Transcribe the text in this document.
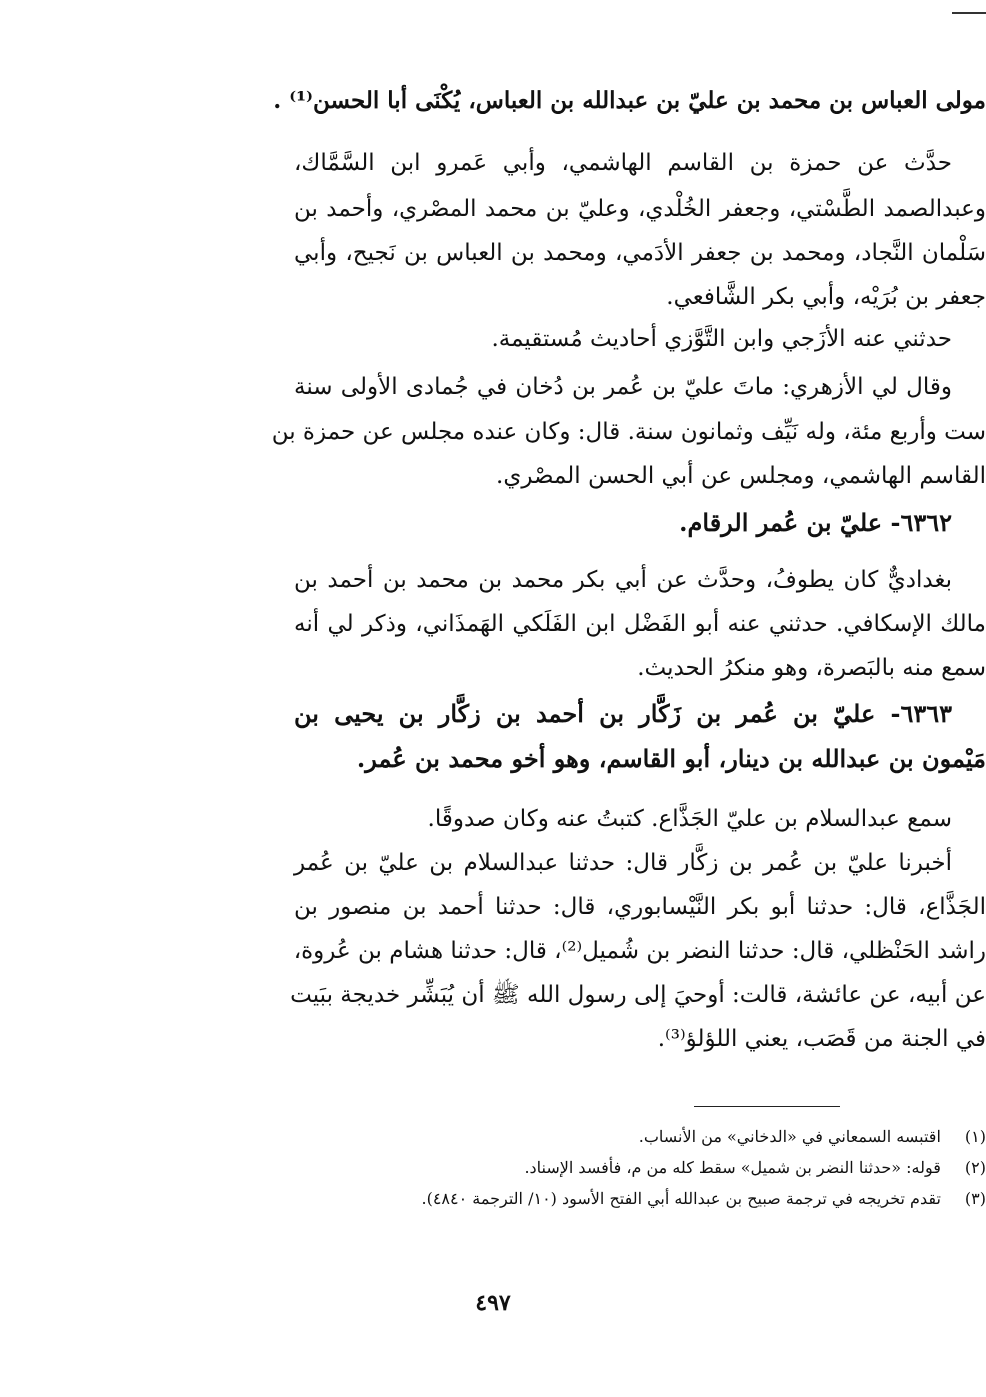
مولى العباس بن محمد بن عليّ بن عبدالله بن العباس، يُكْنَى أبا الحسن⁽¹⁾ .
حدَّث عن حمزة بن القاسم الهاشمي، وأبي عَمرو ابن السَّمَّاك،
وعبدالصمد الطَّسْتي، وجعفر الخُلْدي، وعليّ بن محمد المصْري، وأحمد بن
سَلْمان النَّجاد، ومحمد بن جعفر الأدَمي، ومحمد بن العباس بن نَجيح، وأبي
جعفر بن بُرَيْه، وأبي بكر الشَّافعي.
حدثني عنه الأزَجي وابن التَّوَّزي أحاديث مُستقيمة.
وقال لي الأزهري: ماتَ عليّ بن عُمر بن دُخان في جُمادى الأولى سنة
ست وأربع مئة، وله نَيِّف وثمانون سنة. قال: وكان عنده مجلس عن حمزة بن
القاسم الهاشمي، ومجلس عن أبي الحسن المصْري.
٦٣٦٢- عليّ بن عُمر الرقام.
بغداديٌّ كان يطوفُ، وحدَّث عن أبي بكر محمد بن محمد بن أحمد بن
مالك الإسكافي. حدثني عنه أبو الفَضْل ابن الفَلَكي الهَمذَاني، وذكر لي أنه
سمع منه بالبَصرة، وهو منكرُ الحديث.
٦٣٦٣- عليّ بن عُمر بن زَكَّار بن أحمد بن زكَّار بن يحيى بن
مَيْمون بن عبدالله بن دينار، أبو القاسم، وهو أخو محمد بن عُمر.
سمع عبدالسلام بن عليّ الجَذَّاع. كتبتُ عنه وكان صدوقًا.
أخبرنا عليّ بن عُمر بن زكَّار قال: حدثنا عبدالسلام بن عليّ بن عُمر
الجَذَّاع، قال: حدثنا أبو بكر النَّيْسابوري، قال: حدثنا أحمد بن منصور بن
راشد الحَنْظلي، قال: حدثنا النضر بن شُميل⁽²⁾، قال: حدثنا هشام بن عُروة،
عن أبيه، عن عائشة، قالت: أوحيَ إلى رسول الله ﷺ أن يُبَشِّر خديجة ببَيت
في الجنة من قَصَب، يعني اللؤلؤ⁽³⁾.
(١) اقتبسه السمعاني في «الدخاني» من الأنساب.
(٢) قوله: «حدثنا النضر بن شميل» سقط كله من م، فأفسد الإسناد.
(٣) تقدم تخريجه في ترجمة صبيح بن عبدالله أبي الفتح الأسود (١٠/ الترجمة ٤٨٤٠).
٤٩٧
